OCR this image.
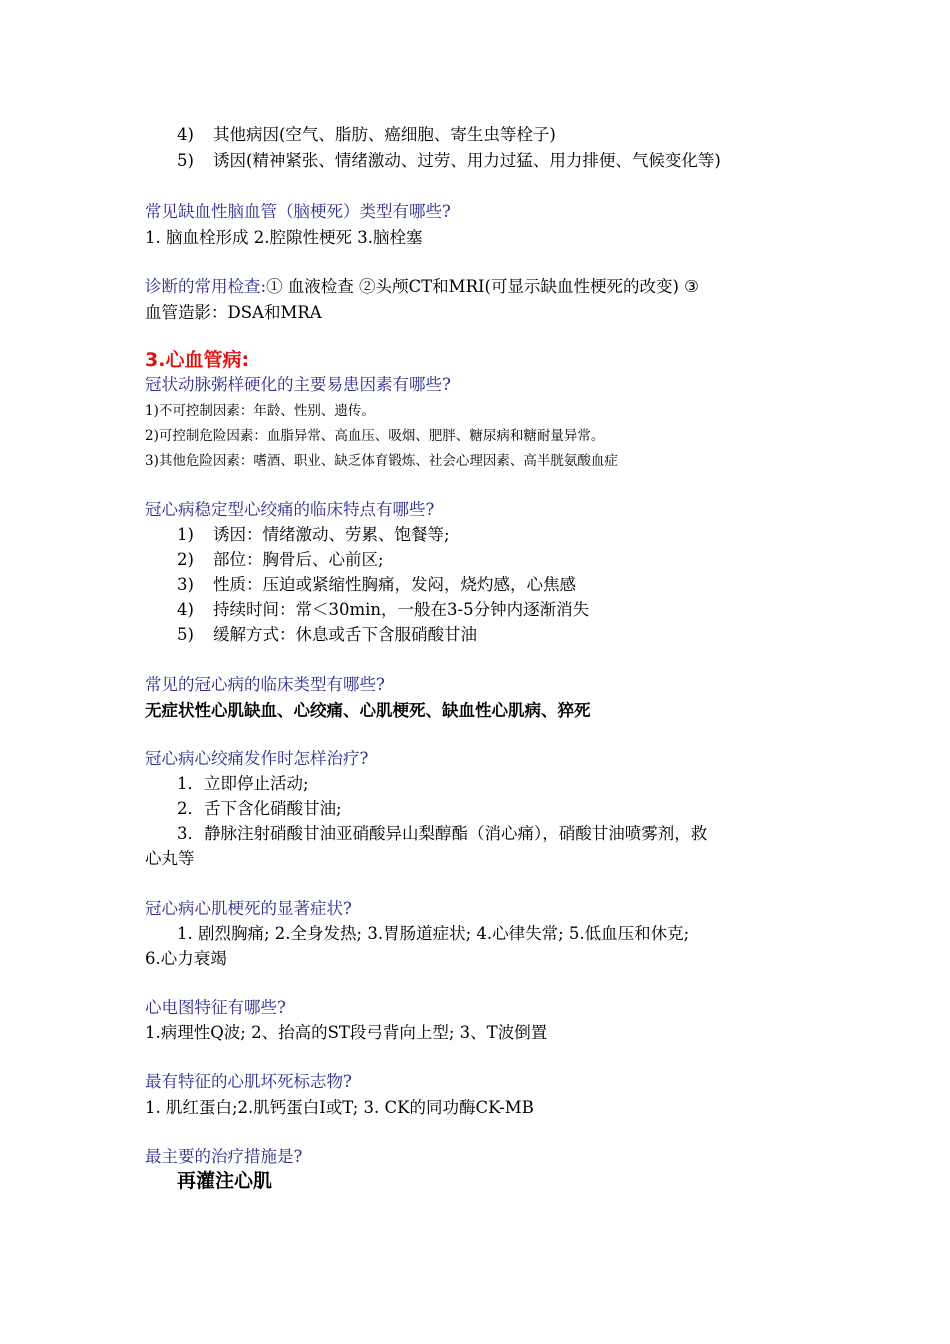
4) 其他病因(空气、脂肪、癌细胞、寄生虫等栓子)
5) 诱因(精神紧张、情绪激动、过劳、用力过猛、用力排便、气候变化等)
常见缺血性脑血管（脑梗死）类型有哪些?
1. 脑血栓形成 2.腔隙性梗死 3.脑栓塞
诊断的常用检查:① 血液检查 ②头颅CT和MRI(可显示缺血性梗死的改变) ③
血管造影：DSA和MRA
3.心血管病:
冠状动脉粥样硬化的主要易患因素有哪些?
1)不可控制因素：年龄、性别、遗传。
2)可控制危险因素：血脂异常、高血压、吸烟、肥胖、糖尿病和糖耐量异常。
3)其他危险因素：嗜酒、职业、缺乏体育锻炼、社会心理因素、高半胱氨酸血症
冠心病稳定型心绞痛的临床特点有哪些?
1) 诱因：情绪激动、劳累、饱餐等;
2) 部位：胸骨后、心前区;
3) 性质：压迫或紧缩性胸痛，发闷，烧灼感，心焦感
4) 持续时间：常＜30min，一般在3-5分钟内逐渐消失
5) 缓解方式：休息或舌下含服硝酸甘油
常见的冠心病的临床类型有哪些?
无症状性心肌缺血、心绞痛、心肌梗死、缺血性心肌病、猝死
冠心病心绞痛发作时怎样治疗?
1．立即停止活动;
2．舌下含化硝酸甘油;
3．静脉注射硝酸甘油亚硝酸异山梨醇酯（消心痛），硝酸甘油喷雾剂，救
心丸等
冠心病心肌梗死的显著症状?
1. 剧烈胸痛; 2.全身发热; 3.胃肠道症状; 4.心律失常; 5.低血压和休克;
6.心力衰竭
心电图特征有哪些?
1.病理性Q波; 2、抬高的ST段弓背向上型; 3、T波倒置
最有特征的心肌坏死标志物?
1. 肌红蛋白;2.肌钙蛋白I或T; 3. CK的同功酶CK-MB
最主要的治疗措施是?
再灌注心肌
